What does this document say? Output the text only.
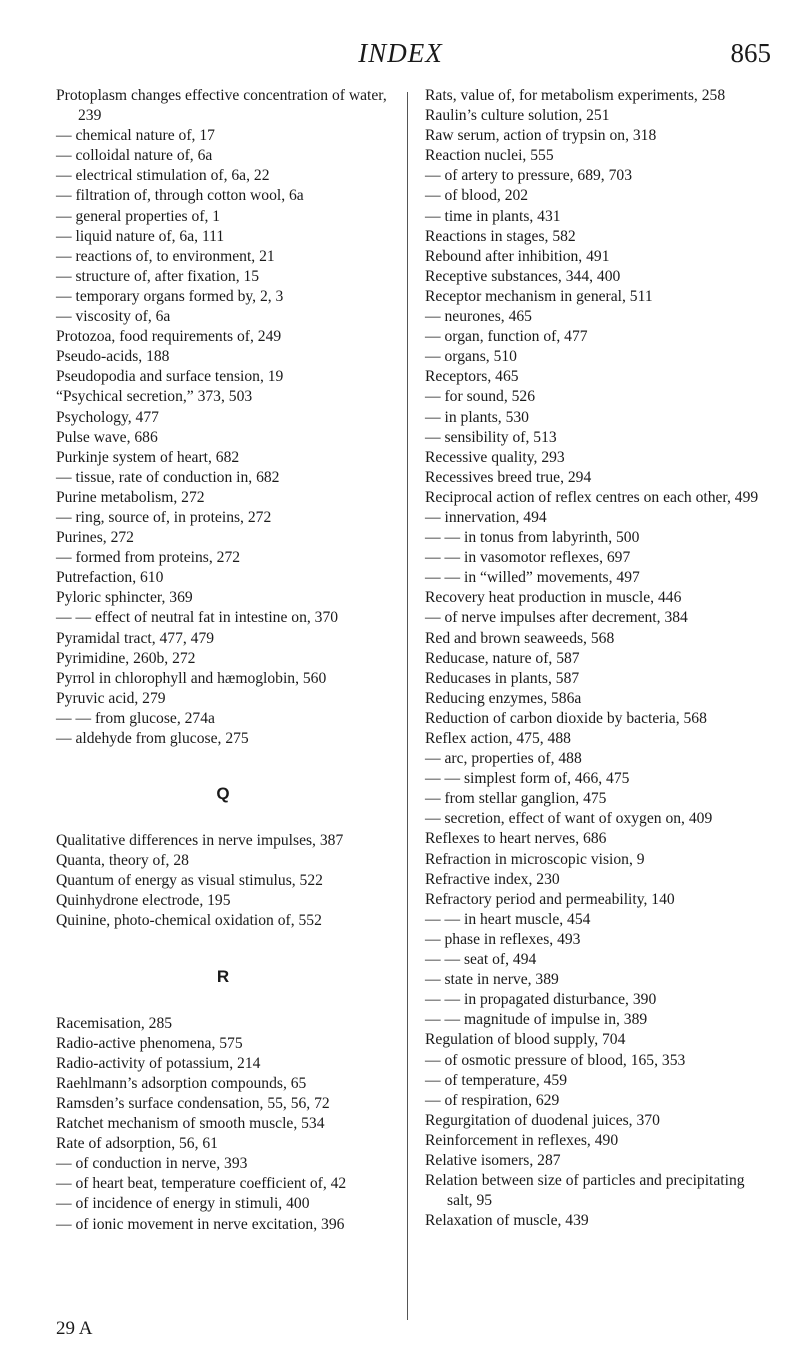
INDEX	865
Protoplasm changes effective concentration of water, 239
— chemical nature of, 17
— colloidal nature of, 6a
— electrical stimulation of, 6a, 22
— filtration of, through cotton wool, 6a
— general properties of, 1
— liquid nature of, 6a, 111
— reactions of, to environment, 21
— structure of, after fixation, 15
— temporary organs formed by, 2, 3
— viscosity of, 6a
Protozoa, food requirements of, 249
Pseudo-acids, 188
Pseudopodia and surface tension, 19
“Psychical secretion,” 373, 503
Psychology, 477
Pulse wave, 686
Purkinje system of heart, 682
— tissue, rate of conduction in, 682
Purine metabolism, 272
— ring, source of, in proteins, 272
Purines, 272
— formed from proteins, 272
Putrefaction, 610
Pyloric sphincter, 369
— — effect of neutral fat in intestine on, 370
Pyramidal tract, 477, 479
Pyrimidine, 260b, 272
Pyrrol in chlorophyll and hæmoglobin, 560
Pyruvic acid, 279
— — from glucose, 274a
— aldehyde from glucose, 275
Q
Qualitative differences in nerve impulses, 387
Quanta, theory of, 28
Quantum of energy as visual stimulus, 522
Quinhydrone electrode, 195
Quinine, photo-chemical oxidation of, 552
R
Racemisation, 285
Radio-active phenomena, 575
Radio-activity of potassium, 214
Raehlmann’s adsorption compounds, 65
Ramsden’s surface condensation, 55, 56, 72
Ratchet mechanism of smooth muscle, 534
Rate of adsorption, 56, 61
— of conduction in nerve, 393
— of heart beat, temperature coefficient of, 42
— of incidence of energy in stimuli, 400
— of ionic movement in nerve excitation, 396
Rats, value of, for metabolism experiments, 258
Raulin’s culture solution, 251
Raw serum, action of trypsin on, 318
Reaction nuclei, 555
— of artery to pressure, 689, 703
— of blood, 202
— time in plants, 431
Reactions in stages, 582
Rebound after inhibition, 491
Receptive substances, 344, 400
Receptor mechanism in general, 511
— neurones, 465
— organ, function of, 477
— organs, 510
Receptors, 465
— for sound, 526
— in plants, 530
— sensibility of, 513
Recessive quality, 293
Recessives breed true, 294
Reciprocal action of reflex centres on each other, 499
— innervation, 494
— — in tonus from labyrinth, 500
— — in vasomotor reflexes, 697
— — in “willed” movements, 497
Recovery heat production in muscle, 446
— of nerve impulses after decrement, 384
Red and brown seaweeds, 568
Reducase, nature of, 587
Reducases in plants, 587
Reducing enzymes, 586a
Reduction of carbon dioxide by bacteria, 568
Reflex action, 475, 488
— arc, properties of, 488
— — simplest form of, 466, 475
— from stellar ganglion, 475
— secretion, effect of want of oxygen on, 409
Reflexes to heart nerves, 686
Refraction in microscopic vision, 9
Refractive index, 230
Refractory period and permeability, 140
— — in heart muscle, 454
— phase in reflexes, 493
— — seat of, 494
— state in nerve, 389
— — in propagated disturbance, 390
— — magnitude of impulse in, 389
Regulation of blood supply, 704
— of osmotic pressure of blood, 165, 353
— of temperature, 459
— of respiration, 629
Regurgitation of duodenal juices, 370
Reinforcement in reflexes, 490
Relative isomers, 287
Relation between size of particles and precipitating salt, 95
Relaxation of muscle, 439
29 A
